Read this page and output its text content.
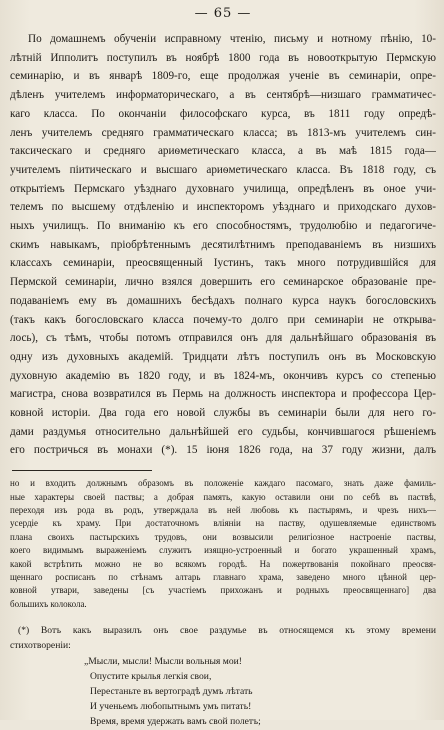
— 65 —
По домашнемъ обученіи исправному чтенію, письму и нотному пѣнію, 10-
лѣтній Ипполитъ поступилъ въ ноябрѣ 1800 года въ новооткрытую Пермскую
семинарію, и въ январѣ 1809-го, еще продолжая ученіе въ семинаріи, опре-
дѣленъ учителемъ информаторическаго, а въ сентябрѣ—низшаго грамматичес-
каго класса. По окончаніи философскаго курса, въ 1811 году опредѣ-
ленъ учителемъ средняго грамматическаго класса; въ 1813-мъ учителемъ син-
таксическаго и средняго ариѳметическаго класса, а въ маѣ 1815 года—
учителемъ піитическаго и высшаго ариѳметическаго класса. Въ 1818 году, съ
открытіемъ Пермскаго уѣзднаго духовнаго училища, опредѣленъ въ оное учи-
телемъ по высшему отдѣленію и инспекторомъ уѣзднаго и приходскаго духов-
ныхъ училищъ. По вниманію къ его способностямъ, трудолюбію и педагогиче-
скимъ навыкамъ, пріобрѣтеннымъ десятилѣтнимъ преподаваніемъ въ низшихъ
классахъ семинаріи, преосвященный Іустинъ, такъ много потрудившійся для
Пермской семинаріи, лично взялся довершить его семинарское образованіе пре-
подаваніемъ ему въ домашнихъ бесѣдахъ полнаго курса наукъ богословскихъ
(такъ какъ богословскаго класса почему-то долго при семинаріи не открыва-
лось), съ тѣмъ, чтобы потомъ отправился онъ для дальнѣйшаго образованія въ
одну изъ духовныхъ академій. Тридцати лѣтъ поступилъ онъ въ Московскую
духовную академію въ 1820 году, и въ 1824-мъ, окончивъ курсъ со степенью
магистра, снова возвратился въ Пермь на должность инспектора и профессора Цер-
ковной исторіи. Два года его новой службы въ семинаріи были для него го-
дами раздумья относительно дальнѣйшей его судьбы, кончившагося рѣшеніемъ
его постричься въ монахи (*). 15 іюня 1826 года, на 37 году жизни, далъ
но и входить должнымъ образомъ въ положеніе каждаго пасомаго, знать даже фамиль-
ные характеры своей паствы; а добрая память, какую оставили они по себѣ въ паствѣ,
переходя изъ рода въ родъ, утверждала въ ней любовь къ пастырямъ, и чрезъ нихъ—
усердіе къ храму. При достаточномъ вліяніи на паству, одушевляемые единствомъ
плана своихъ пастырскихъ трудовъ, они возвысили религіозное настроеніе паствы,
коего видимымъ выраженіемъ служитъ изящно-устроенный и богато украшенный храмъ,
какой встрѣтить можно не во всякомъ городѣ. На пожертвованія покойнаго преосвя-
щеннаго росписанъ по стѣнамъ алтарь главнаго храма, заведено много цѣнной цер-
ковной утвари, заведены [съ участіемъ прихожанъ и родныхъ преосвященнаго] два
большихъ колокола.
(*) Вотъ какъ выразилъ онъ свое раздумье въ относящемся къ этому времени
стихотвореніи:
„Мысли, мысли! Мысли вольныя мои!
Опустите крылья легкія свои,
Перестаньте въ вертоградѣ думъ лѣтать
И ученьемъ любопытнымъ умъ питать!
Время, время удержать вамъ свой полетъ;
